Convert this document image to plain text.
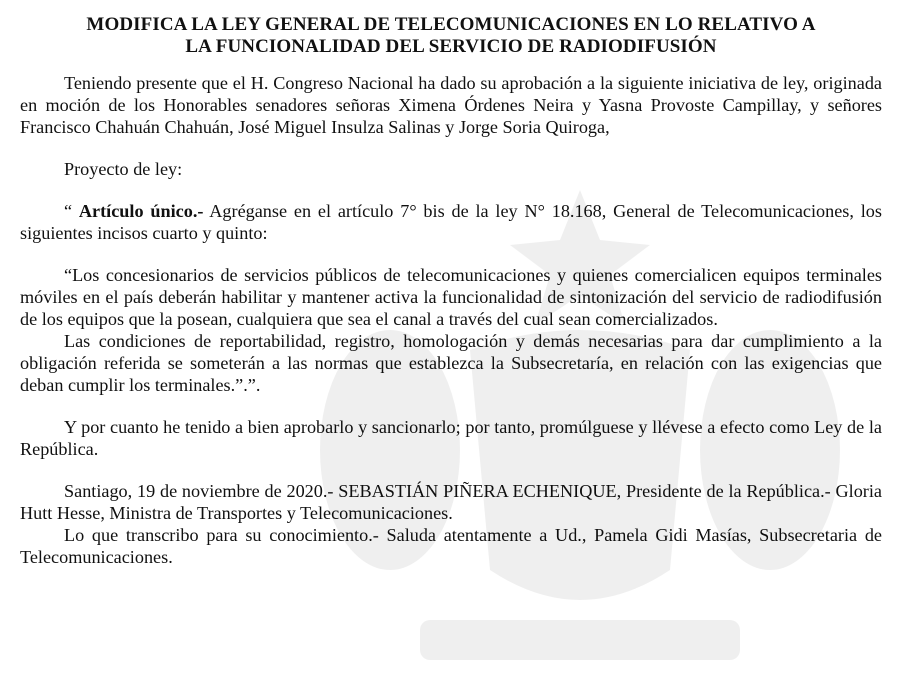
MODIFICA LA LEY GENERAL DE TELECOMUNICACIONES EN LO RELATIVO A
LA FUNCIONALIDAD DEL SERVICIO DE RADIODIFUSIÓN

Teniendo presente que el H. Congreso Nacional ha dado su aprobación a la siguiente iniciativa de ley, originada en moción de los Honorables senadores señoras Ximena Órdenes Neira y Yasna Provoste Campillay, y señores Francisco Chahuán Chahuán, José Miguel Insulza Salinas y Jorge Soria Quiroga,

Proyecto de ley:

“ Artículo único.- Agréganse en el artículo 7° bis de la ley N° 18.168, General de Telecomunicaciones, los siguientes incisos cuarto y quinto:

“Los concesionarios de servicios públicos de telecomunicaciones y quienes comercialicen equipos terminales móviles en el país deberán habilitar y mantener activa la funcionalidad de sintonización del servicio de radiodifusión de los equipos que la posean, cualquiera que sea el canal a través del cual sean comercializados.

Las condiciones de reportabilidad, registro, homologación y demás necesarias para dar cumplimiento a la obligación referida se someterán a las normas que establezca la Subsecretaría, en relación con las exigencias que deban cumplir los terminales.”.”.

Y por cuanto he tenido a bien aprobarlo y sancionarlo; por tanto, promúlguese y llévese a efecto como Ley de la República.

Santiago, 19 de noviembre de 2020.- SEBASTIÁN PIÑERA ECHENIQUE, Presidente de la República.- Gloria Hutt Hesse, Ministra de Transportes y Telecomunicaciones.

Lo que transcribo para su conocimiento.- Saluda atentamente a Ud., Pamela Gidi Masías, Subsecretaria de Telecomunicaciones.
